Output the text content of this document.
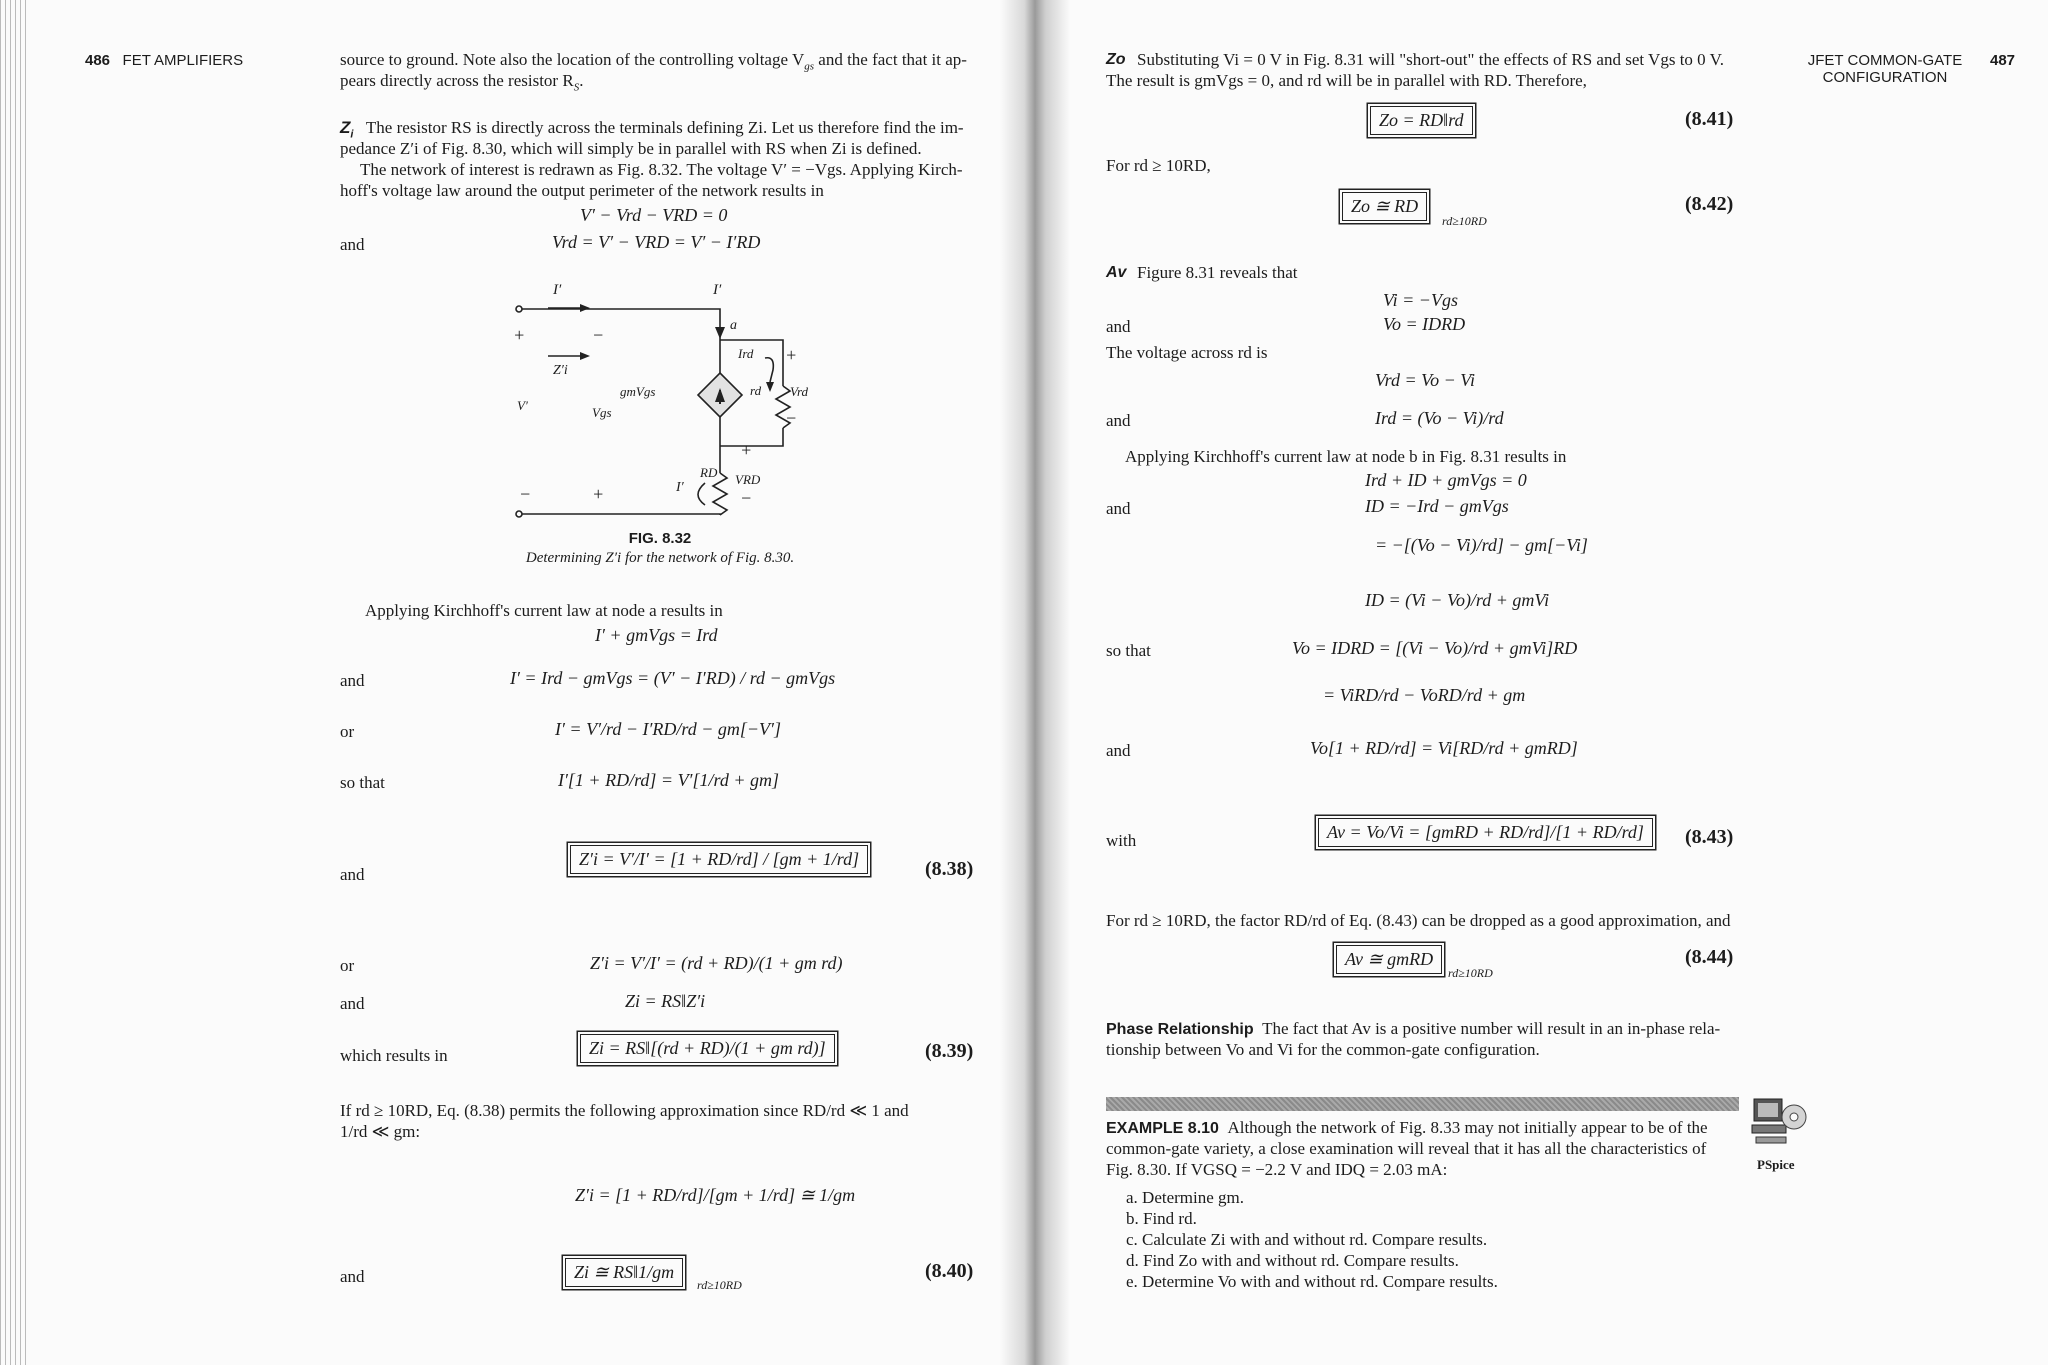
486 FET AMPLIFIERS	source to ground. Note also the location of the controlling voltage $V_{gs}$ and the fact that it ap-
pears directly across the resistor $R_S$.
$Z_i$ The resistor RS is directly across the terminals defining Zi. Let us therefore find the im-
pedance Z′i of Fig. 8.30, which will simply be in parallel with RS when Zi is defined.
The network of interest is redrawn as Fig. 8.32. The voltage V′ = −Vgs. Applying Kirch-
hoff's voltage law around the output perimeter of the network results in
V′ − Vrd − VRD = 0
and	Vrd = V′ − VRD = V′ − I′RD
I′	I′
a
+	−
Z′i
gmVgs
V′	Vgs
Ird
rd Vrd
+
−
+
RD VRD
−
I′
−	+
FIG. 8.32
Determining Z′i for the network of Fig. 8.30.
Applying Kirchhoff's current law at node a results in
I′ + gmVgs = Ird
and	I′ = Ird − gmVgs = (V′ − I′RD) / rd − gmVgs
or	I′ = V′/rd − I′RD/rd − gm[−V′]
so that	I′[1 + RD/rd] = V′[1/rd + gm]
and
Z′i = V′/I′ = [1 + RD/rd] / [gm + 1/rd]	(8.38)
or	Z′i = V′/I′ = (rd + RD)/(1 + gm rd)
and	Zi = RS‖Z′i
which results in	Zi = RS‖[(rd + RD)/(1 + gm rd)]	(8.39)
If rd ≥ 10RD, Eq. (8.38) permits the following approximation since RD/rd ≪ 1 and
1/rd ≪ gm:
Z′i = [1 + RD/rd]/[gm + 1/rd] ≅ 1/gm
and	Zi ≅ RS‖1/gm
rd≥10RD
(8.40)
JFET COMMON-GATE
CONFIGURATION
487
Zo Substituting Vi = 0 V in Fig. 8.31 will "short-out" the effects of RS and set Vgs to 0 V.
The result is gmVgs = 0, and rd will be in parallel with RD. Therefore,
Zo = RD‖rd	(8.41)
For rd ≥ 10RD,
Zo ≅ RD
rd≥10RD
(8.42)
Av Figure 8.31 reveals that
Vi = −Vgs
and	Vo = IDRD
The voltage across rd is
Vrd = Vo − Vi
and	Ird = (Vo − Vi)/rd
Applying Kirchhoff's current law at node b in Fig. 8.31 results in
Ird + ID + gmVgs = 0
and	ID = −Ird − gmVgs
= −[(Vo − Vi)/rd] − gm[−Vi]
ID = (Vi − Vo)/rd + gmVi
so that	Vo = IDRD = [(Vi − Vo)/rd + gmVi]RD
= ViRD/rd − VoRD/rd + gm
and	Vo[1 + RD/rd] = Vi[RD/rd + gmRD]
with	Av = Vo/Vi = [gmRD + RD/rd]/[1 + RD/rd]	(8.43)
For rd ≥ 10RD, the factor RD/rd of Eq. (8.43) can be dropped as a good approximation, and
Av ≅ gmRD
rd≥10RD
(8.44)
Phase Relationship The fact that Av is a positive number will result in an in-phase rela-
tionship between Vo and Vi for the common-gate configuration.
EXAMPLE 8.10 Although the network of Fig. 8.33 may not initially appear to be of the
common-gate variety, a close examination will reveal that it has all the characteristics of
Fig. 8.30. If VGSQ = −2.2 V and IDQ = 2.03 mA:
a. Determine gm.
b. Find rd.
c. Calculate Zi with and without rd. Compare results.
d. Find Zo with and without rd. Compare results.
e. Determine Vo with and without rd. Compare results.
PSpice
